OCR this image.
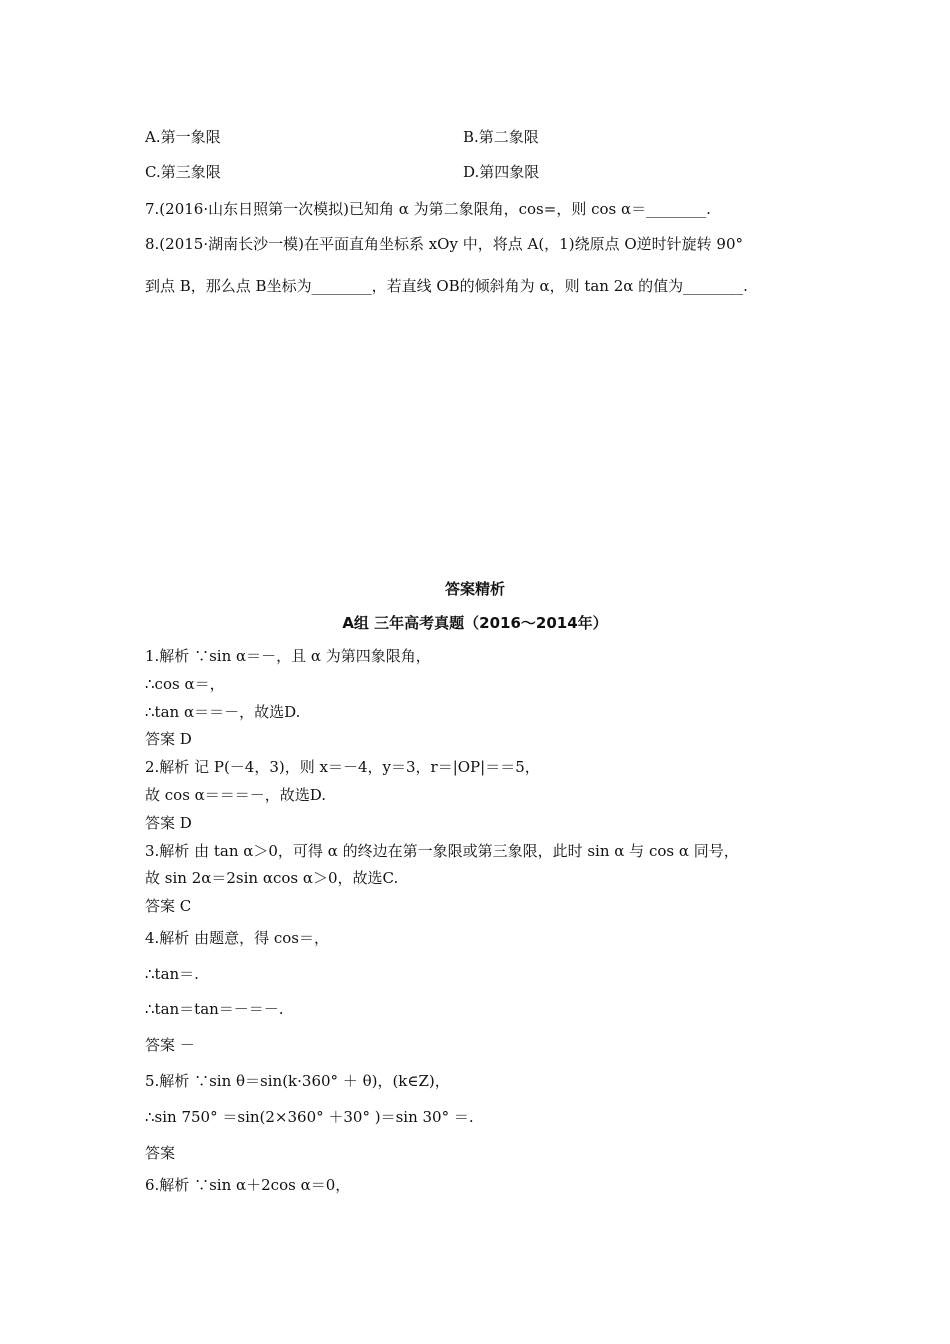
A.第一象限	B.第二象限
C.第三象限	D.第四象限
7.(2016·山东日照第一次模拟)已知角 α 为第二象限角，cos=，则 cos α＝________.
8.(2015·湖南长沙一模)在平面直角坐标系 xOy 中，将点 A(，1)绕原点 O逆时针旋转 90°
到点 B，那么点 B坐标为________，若直线 OB的倾斜角为 α，则 tan 2α 的值为________.
答案精析
A组 三年高考真题（2016～2014年）
1.解析 ∵sin α＝－，且 α 为第四象限角，
∴cos α＝，
∴tan α＝＝－，故选D.
答案 D
2.解析 记 P(－4，3)，则 x＝－4，y＝3，r＝|OP|＝＝5，
故 cos α＝＝＝－，故选D.
答案 D
3.解析 由 tan α＞0，可得 α 的终边在第一象限或第三象限，此时 sin α 与 cos α 同号，
故 sin 2α＝2sin αcos α＞0，故选C.
答案 C
4.解析 由题意，得 cos＝，
∴tan＝.
∴tan＝tan＝－＝－.
答案 －
5.解析 ∵sin θ＝sin(k·360° ＋ θ)，(k∈Z)，
∴sin 750° ＝sin(2×360° ＋30° )＝sin 30° ＝.
答案
6.解析 ∵sin α＋2cos α＝0，
